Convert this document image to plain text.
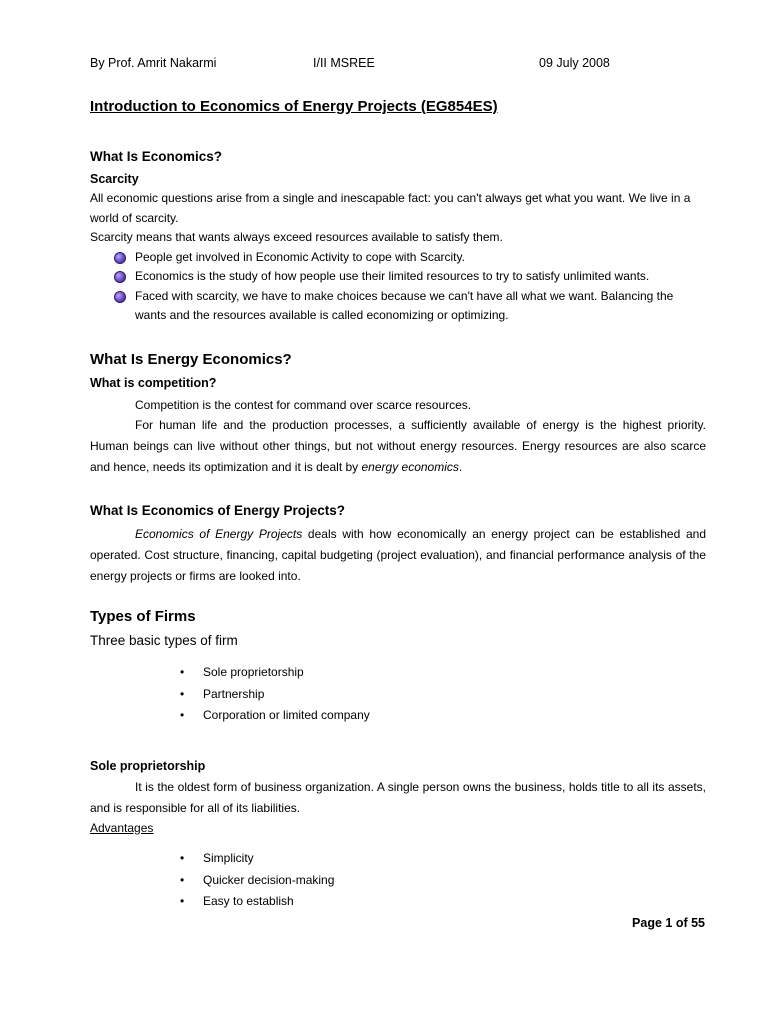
By Prof. Amrit Nakarmi	I/II MSREE	09 July 2008
Introduction to Economics of Energy Projects (EG854ES)
What Is Economics?
Scarcity

All economic questions arise from a single and inescapable fact: you can't always get what you want. We live in a world of scarcity.

Scarcity means that wants always exceed resources available to satisfy them.

People get involved in Economic Activity to cope with Scarcity.
Economics is the study of how people use their limited resources to try to satisfy unlimited wants.
Faced with scarcity, we have to make choices because we can't have all what we want. Balancing the wants and the resources available is called economizing or optimizing.
What Is Energy Economics?
What is competition?

Competition is the contest for command over scarce resources.

For human life and the production processes, a sufficiently available of energy is the highest priority. Human beings can live without other things, but not without energy resources. Energy resources are also scarce and hence, needs its optimization and it is dealt by energy economics.

What Is Economics of Energy Projects?

Economics of Energy Projects deals with how economically an energy project can be established and operated. Cost structure, financing, capital budgeting (project evaluation), and financial performance analysis of the energy projects or firms are looked into.

Types of Firms
Three basic types of firm
• Sole proprietorship
• Partnership
• Corporation or limited company
Sole proprietorship

It is the oldest form of business organization. A single person owns the business, holds title to all its assets, and is responsible for all of its liabilities.

Advantages
• Simplicity
• Quicker decision-making
• Easy to establish
Page 1 of 55
